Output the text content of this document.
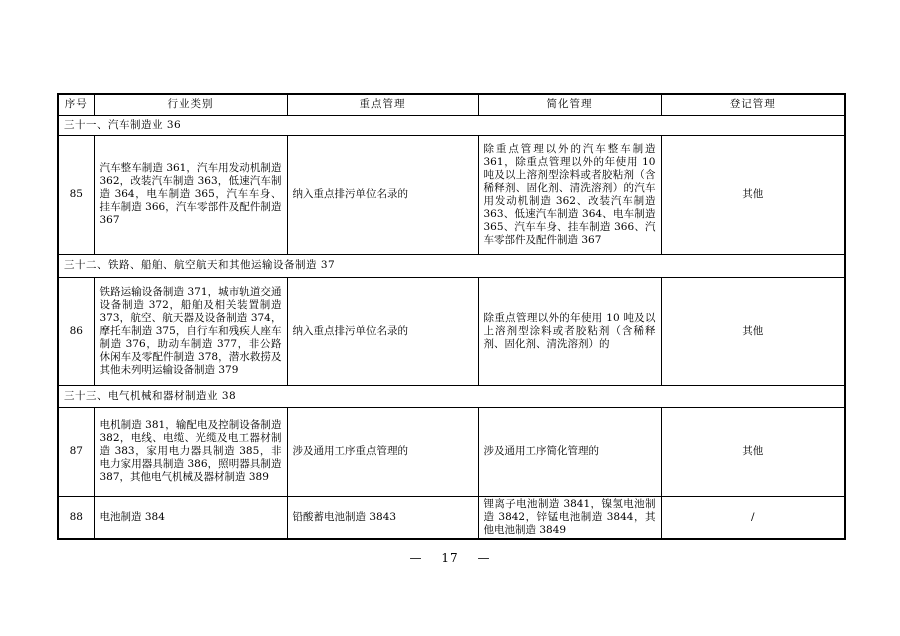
序号	行业类别	重点管理	简化管理	登记管理
三十一、汽车制造业 36				
85	汽车整车制造 361，汽车用发动机制造 362，改装汽车制造 363，低速汽车制造 364，电车制造 365，汽车车身、挂车制造 366，汽车零部件及配件制造 367	纳入重点排污单位名录的	除重点管理以外的汽车整车制造 361，除重点管理以外的年使用 10 吨及以上溶剂型涂料或者胶粘剂（含稀释剂、固化剂、清洗溶剂）的汽车用发动机制造 362、改装汽车制造 363、低速汽车制造 364、电车制造 365、汽车车身、挂车制造 366、汽车零部件及配件制造 367	其他
三十二、铁路、船舶、航空航天和其他运输设备制造 37				
86	铁路运输设备制造 371，城市轨道交通设备制造 372，船舶及相关装置制造 373，航空、航天器及设备制造 374，摩托车制造 375，自行车和残疾人座车制造 376，助动车制造 377，非公路休闲车及零配件制造 378，潜水救捞及其他未列明运输设备制造 379	纳入重点排污单位名录的	除重点管理以外的年使用 10 吨及以上溶剂型涂料或者胶粘剂（含稀释剂、固化剂、清洗溶剂）的	其他
三十三、电气机械和器材制造业 38				
87	电机制造 381，输配电及控制设备制造 382，电线、电缆、光缆及电工器材制造 383，家用电力器具制造 385，非电力家用器具制造 386，照明器具制造 387，其他电气机械及器材制造 389	涉及通用工序重点管理的	涉及通用工序简化管理的	其他
88	电池制造 384	铅酸蓄电池制造 3843	锂离子电池制造 3841，镍氢电池制造 3842，锌锰电池制造 3844，其他电池制造 3849	/
— 17 —
